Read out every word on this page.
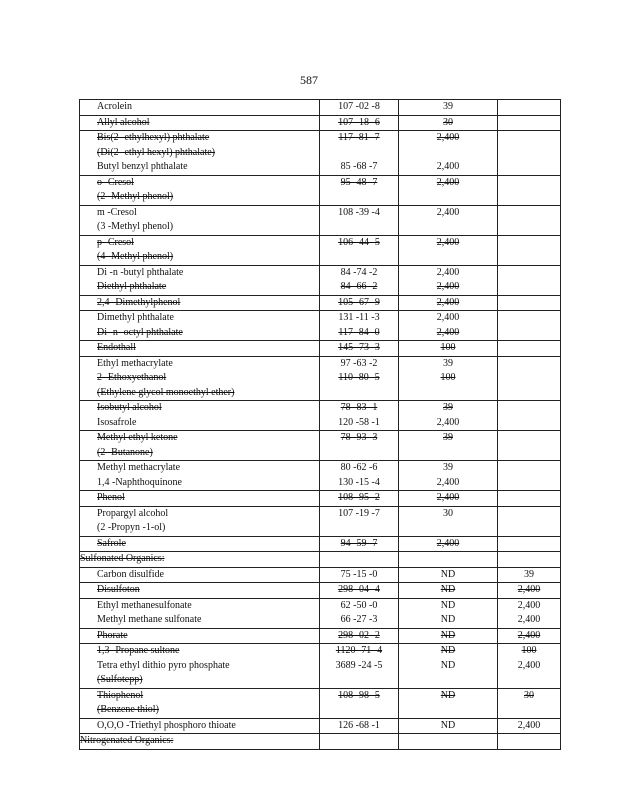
587
Acrolein	107 -02 -8	39	

Allyl alcohol	107 -18 -6	30	

Bis(2 -ethylhexyl) phthalate
(Di(2 -ethyl hexyl) phthalate)	117 -81 -7	2,400	

Butyl benzyl phthalate	85 -68 -7	2,400	

o -Cresol
(2 -Methyl phenol)	95 -48 -7	2,400	

m -Cresol
(3 -Methyl phenol)	108 -39 -4	2,400	

p -Cresol
(4 -Methyl phenol)	106 -44 -5	2,400	

Di -n -butyl phthalate	84 -74 -2	2,400	

Diethyl phthalate	84 -66 -2	2,400	

2,4 -Dimethylphenol	105 -67 -9	2,400	

Dimethyl phthalate	131 -11 -3	2,400	

Di -n -octyl phthalate	117 -84 -0	2,400	

Endothall	145 -73 -3	100	

Ethyl methacrylate	97 -63 -2	39	

2 -Ethoxyethanol
(Ethylene glycol monoethyl ether)	110 -80 -5	100	

Isobutyl alcohol	78 -83 -1	39	

Isosafrole	120 -58 -1	2,400	

Methyl ethyl ketone
(2 -Butanone)	78 -93 -3	39	

Methyl methacrylate	80 -62 -6	39	

1,4 -Naphthoquinone	130 -15 -4	2,400	

Phenol	108 -95 -2	2,400	

Propargyl alcohol
(2 -Propyn -1-ol)	107 -19 -7	30	

Safrole	94 -59 -7	2,400	

Sulfonated Organics:			

Carbon disulfide	75 -15 -0	ND	39

Disulfoton	298 -04 -4	ND	2,400

Ethyl methanesulfonate	62 -50 -0	ND	2,400

Methyl methane sulfonate	66 -27 -3	ND	2,400

Phorate	298 -02 -2	ND	2,400

1,3 -Propane sultone	1120 -71 -4	ND	100

Tetra ethyl dithio pyro phosphate
(Sulfotepp)	3689 -24 -5	ND	2,400

Thiophenol
(Benzene thiol)	108 -98 -5	ND	30

O,O,O -Triethyl phosphoro thioate	126 -68 -1	ND	2,400

Nitrogenated Organics:			
